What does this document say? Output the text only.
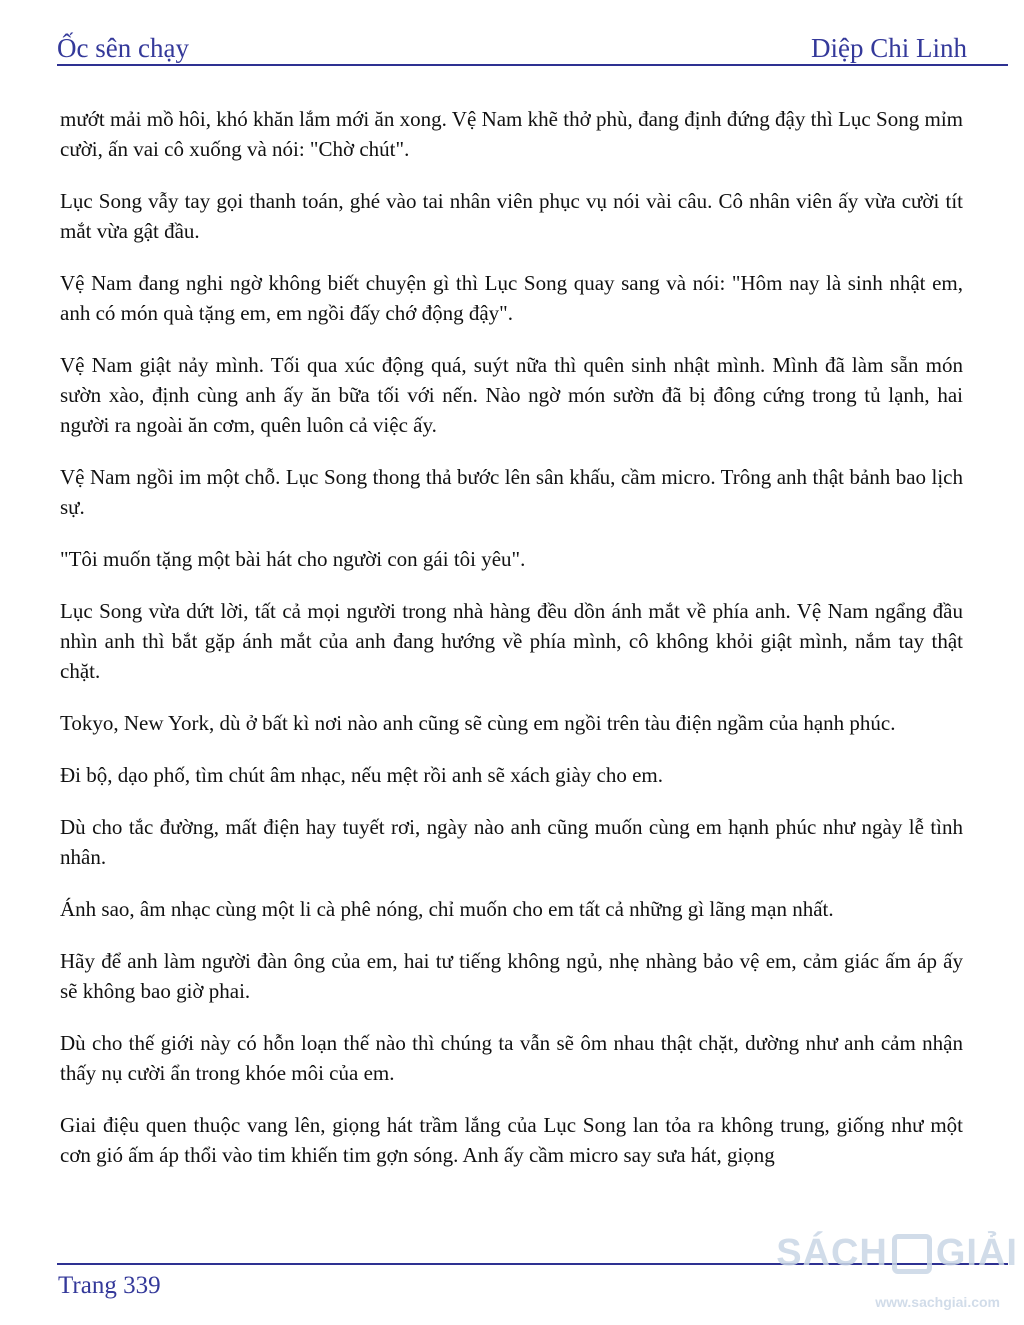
Ốc sên chạy	Diệp Chi Linh

mướt mải mồ hôi, khó khăn lắm mới ăn xong. Vệ Nam khẽ thở phù, đang định đứng đậy thì Lục Song mỉm cười, ấn vai cô xuống và nói: "Chờ chút".

Lục Song vẫy tay gọi thanh toán, ghé vào tai nhân viên phục vụ nói vài câu. Cô nhân viên ấy vừa cười tít mắt vừa gật đầu.

Vệ Nam đang nghi ngờ không biết chuyện gì thì Lục Song quay sang và nói: "Hôm nay là sinh nhật em, anh có món quà tặng em, em ngồi đấy chớ động đậy".

Vệ Nam giật nảy mình. Tối qua xúc động quá, suýt nữa thì quên sinh nhật mình. Mình đã làm sẵn món sườn xào, định cùng anh ấy ăn bữa tối với nến. Nào ngờ món sườn đã bị đông cứng trong tủ lạnh, hai người ra ngoài ăn cơm, quên luôn cả việc ấy.

Vệ Nam ngồi im một chỗ. Lục Song thong thả bước lên sân khấu, cầm micro. Trông anh thật bảnh bao lịch sự.

"Tôi muốn tặng một bài hát cho người con gái tôi yêu".

Lục Song vừa dứt lời, tất cả mọi người trong nhà hàng đều dồn ánh mắt về phía anh. Vệ Nam ngẩng đầu nhìn anh thì bắt gặp ánh mắt của anh đang hướng về phía mình, cô không khỏi giật mình, nắm tay thật chặt.

Tokyo, New York, dù ở bất kì nơi nào anh cũng sẽ cùng em ngồi trên tàu điện ngầm của hạnh phúc.

Đi bộ, dạo phố, tìm chút âm nhạc, nếu mệt rồi anh sẽ xách giày cho em.

Dù cho tắc đường, mất điện hay tuyết rơi, ngày nào anh cũng muốn cùng em hạnh phúc như ngày lễ tình nhân.

Ánh sao, âm nhạc cùng một li cà phê nóng, chỉ muốn cho em tất cả những gì lãng mạn nhất.

Hãy để anh làm người đàn ông của em, hai tư tiếng không ngủ, nhẹ nhàng bảo vệ em, cảm giác ấm áp ấy sẽ không bao giờ phai.

Dù cho thế giới này có hỗn loạn thế nào thì chúng ta vẫn sẽ ôm nhau thật chặt, dường như anh cảm nhận thấy nụ cười ẩn trong khóe môi của em.

Giai điệu quen thuộc vang lên, giọng hát trầm lắng của Lục Song lan tỏa ra không trung, giống như một cơn gió ấm áp thổi vào tim khiến tim gợn sóng. Anh ấy cầm micro say sưa hát, giọng

Trang 339
SÁCH GIẢI
www.sachgiai.com
